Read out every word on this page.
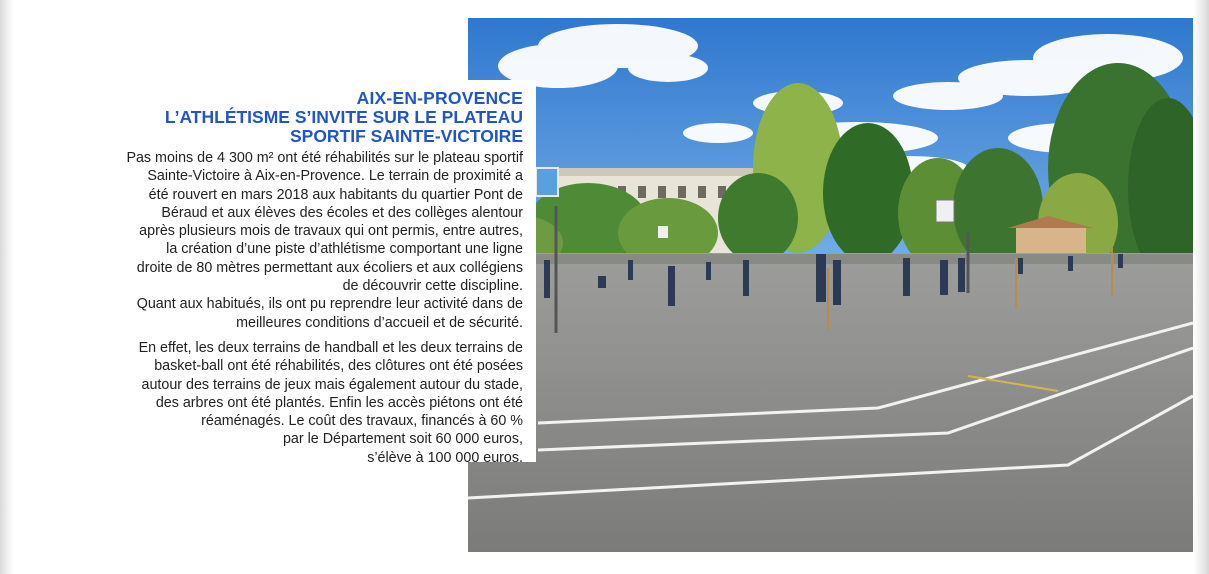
AIX-EN-PROVENCE
L’ATHLÉTISME S’INVITE SUR LE PLATEAU
SPORTIF SAINTE-VICTOIRE

Pas moins de 4 300 m² ont été réhabilités sur le plateau sportif
Sainte-Victoire à Aix-en-Provence. Le terrain de proximité a
été rouvert en mars 2018 aux habitants du quartier Pont de
Béraud et aux élèves des écoles et des collèges alentour
après plusieurs mois de travaux qui ont permis, entre autres,
la création d’une piste d’athlétisme comportant une ligne
droite de 80 mètres permettant aux écoliers et aux collégiens
de découvrir cette discipline.
Quant aux habitués, ils ont pu reprendre leur activité dans de
meilleures conditions d’accueil et de sécurité.

En effet, les deux terrains de handball et les deux terrains de
basket-ball ont été réhabilités, des clôtures ont été posées
autour des terrains de jeux mais également autour du stade,
des arbres ont été plantés. Enfin les accès piétons ont été
réaménagés. Le coût des travaux, financés à 60 %
par le Département soit 60 000 euros,
s’élève à 100 000 euros.
